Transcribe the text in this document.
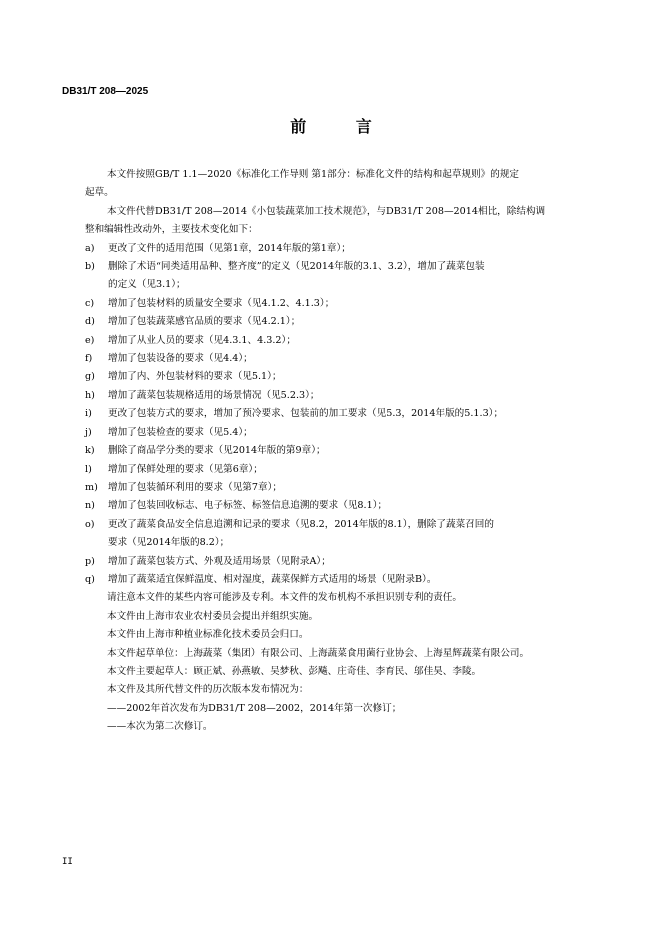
DB31/T 208—2025
前 言

本文件按照GB/T 1.1—2020《标准化工作导则 第1部分：标准化文件的结构和起草规则》的规定

起草。

本文件代替DB31/T 208—2014《小包装蔬菜加工技术规范》，与DB31/T 208—2014相比，除结构调

整和编辑性改动外，主要技术变化如下：

a)	更改了文件的适用范围（见第1章，2014年版的第1章）；
b)	删除了术语“同类适用品种、整齐度”的定义（见2014年版的3.1、3.2），增加了蔬菜包装

的定义（见3.1）；

c)	增加了包装材料的质量安全要求（见4.1.2、4.1.3）；
d)	增加了包装蔬菜感官品质的要求（见4.2.1）；
e)	增加了从业人员的要求（见4.3.1、4.3.2）；
f)	增加了包装设备的要求（见4.4）；
g)	增加了内、外包装材料的要求（见5.1）；
h)	增加了蔬菜包装规格适用的场景情况（见5.2.3）；
i)	更改了包装方式的要求，增加了预冷要求、包装前的加工要求（见5.3，2014年版的5.1.3）；
j)	增加了包装检查的要求（见5.4）；
k)	删除了商品学分类的要求（见2014年版的第9章）；
l)	增加了保鲜处理的要求（见第6章）；
m)	增加了包装循环利用的要求（见第7章）；
n)	增加了包装回收标志、电子标签、标签信息追溯的要求（见8.1）；
o)	更改了蔬菜食品安全信息追溯和记录的要求（见8.2，2014年版的8.1），删除了蔬菜召回的

要求（见2014年版的8.2）；

p)	增加了蔬菜包装方式、外观及适用场景（见附录A）；
q)	增加了蔬菜适宜保鲜温度、相对湿度，蔬菜保鲜方式适用的场景（见附录B）。

请注意本文件的某些内容可能涉及专利。本文件的发布机构不承担识别专利的责任。

本文件由上海市农业农村委员会提出并组织实施。

本文件由上海市种植业标准化技术委员会归口。

本文件起草单位：上海蔬菜（集团）有限公司、上海蔬菜食用菌行业协会、上海星辉蔬菜有限公司。

本文件主要起草人：顾正斌、孙燕敏、吴梦秋、彭飚、庄奇佳、李育民、邬佳昊、李陵。

本文件及其所代替文件的历次版本发布情况为：

——2002年首次发布为DB31/T 208—2002，2014年第一次修订；

——本次为第二次修订。

II
